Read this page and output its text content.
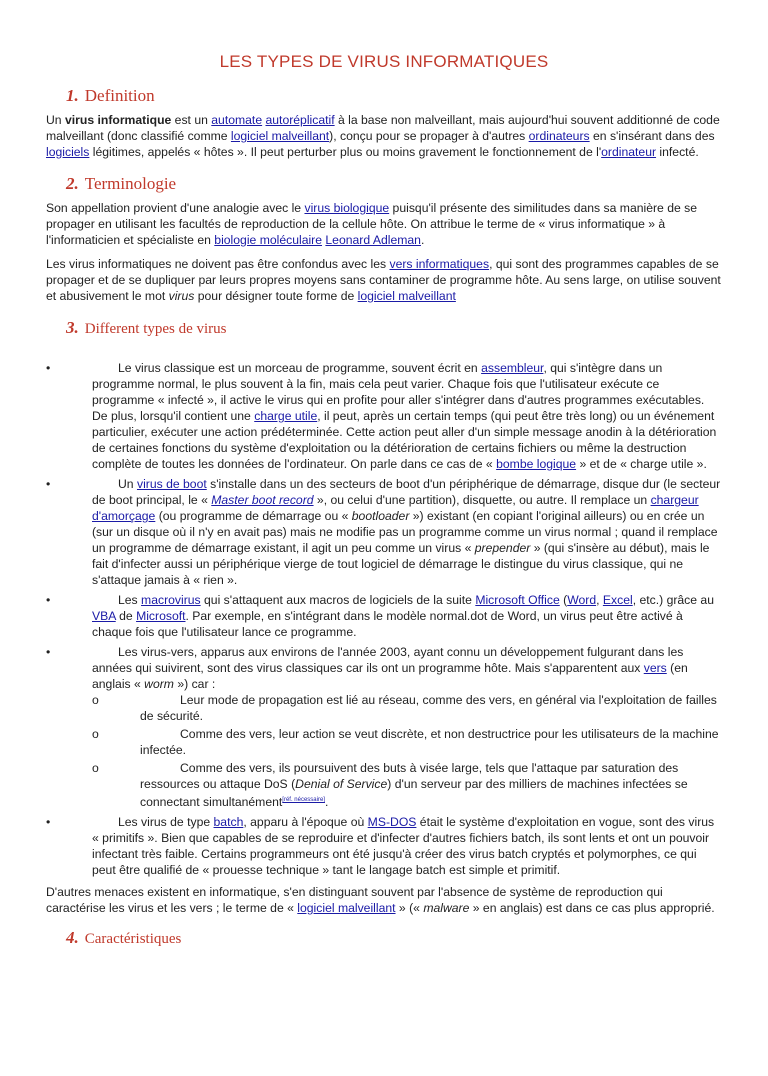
LES TYPES DE VIRUS INFORMATIQUES
1. Definition

Un virus informatique est un automate autoréplicatif à la base non malveillant, mais aujourd'hui souvent additionné de code malveillant (donc classifié comme logiciel malveillant), conçu pour se propager à d'autres ordinateurs en s'insérant dans des logiciels légitimes, appelés « hôtes ». Il peut perturber plus ou moins gravement le fonctionnement de l'ordinateur infecté.

2. Terminologie

Son appellation provient d'une analogie avec le virus biologique puisqu'il présente des similitudes dans sa manière de se propager en utilisant les facultés de reproduction de la cellule hôte. On attribue le terme de « virus informatique » à l'informaticien et spécialiste en biologie moléculaire Leonard Adleman.

Les virus informatiques ne doivent pas être confondus avec les vers informatiques, qui sont des programmes capables de se propager et de se dupliquer par leurs propres moyens sans contaminer de programme hôte. Au sens large, on utilise souvent et abusivement le mot virus pour désigner toute forme de logiciel malveillant

3. Different types de virus
•	Le virus classique est un morceau de programme, souvent écrit en assembleur, qui s'intègre dans un programme normal, le plus souvent à la fin, mais cela peut varier. Chaque fois que l'utilisateur exécute ce programme « infecté », il active le virus qui en profite pour aller s'intégrer dans d'autres programmes exécutables. De plus, lorsqu'il contient une charge utile, il peut, après un certain temps (qui peut être très long) ou un événement particulier, exécuter une action prédéterminée. Cette action peut aller d'un simple message anodin à la détérioration de certaines fonctions du système d'exploitation ou la détérioration de certains fichiers ou même la destruction complète de toutes les données de l'ordinateur. On parle dans ce cas de « bombe logique » et de « charge utile ».
•	Un virus de boot s'installe dans un des secteurs de boot d'un périphérique de démarrage, disque dur (le secteur de boot principal, le « Master boot record », ou celui d'une partition), disquette, ou autre. Il remplace un chargeur d'amorçage (ou programme de démarrage ou « bootloader ») existant (en copiant l'original ailleurs) ou en crée un (sur un disque où il n'y en avait pas) mais ne modifie pas un programme comme un virus normal ; quand il remplace un programme de démarrage existant, il agit un peu comme un virus « prepender » (qui s'insère au début), mais le fait d'infecter aussi un périphérique vierge de tout logiciel de démarrage le distingue du virus classique, qui ne s'attaque jamais à « rien ».
•	Les macrovirus qui s'attaquent aux macros de logiciels de la suite Microsoft Office (Word, Excel, etc.) grâce au VBA de Microsoft. Par exemple, en s'intégrant dans le modèle normal.dot de Word, un virus peut être activé à chaque fois que l'utilisateur lance ce programme.
•	Les virus-vers, apparus aux environs de l'année 2003, ayant connu un développement fulgurant dans les années qui suivirent, sont des virus classiques car ils ont un programme hôte. Mais s'apparentent aux vers (en anglais « worm ») car :
o	Leur mode de propagation est lié au réseau, comme des vers, en général via l'exploitation de failles de sécurité.
o	Comme des vers, leur action se veut discrète, et non destructrice pour les utilisateurs de la machine infectée.
o	Comme des vers, ils poursuivent des buts à visée large, tels que l'attaque par saturation des ressources ou attaque DoS (Denial of Service) d'un serveur par des milliers de machines infectées se connectant simultanément[réf. nécessaire].
•	Les virus de type batch, apparu à l'époque où MS-DOS était le système d'exploitation en vogue, sont des virus « primitifs ». Bien que capables de se reproduire et d'infecter d'autres fichiers batch, ils sont lents et ont un pouvoir infectant très faible. Certains programmeurs ont été jusqu'à créer des virus batch cryptés et polymorphes, ce qui peut être qualifié de « prouesse technique » tant le langage batch est simple et primitif.

D'autres menaces existent en informatique, s'en distinguant souvent par l'absence de système de reproduction qui caractérise les virus et les vers ; le terme de « logiciel malveillant » (« malware » en anglais) est dans ce cas plus approprié.

4. Caractéristiques
